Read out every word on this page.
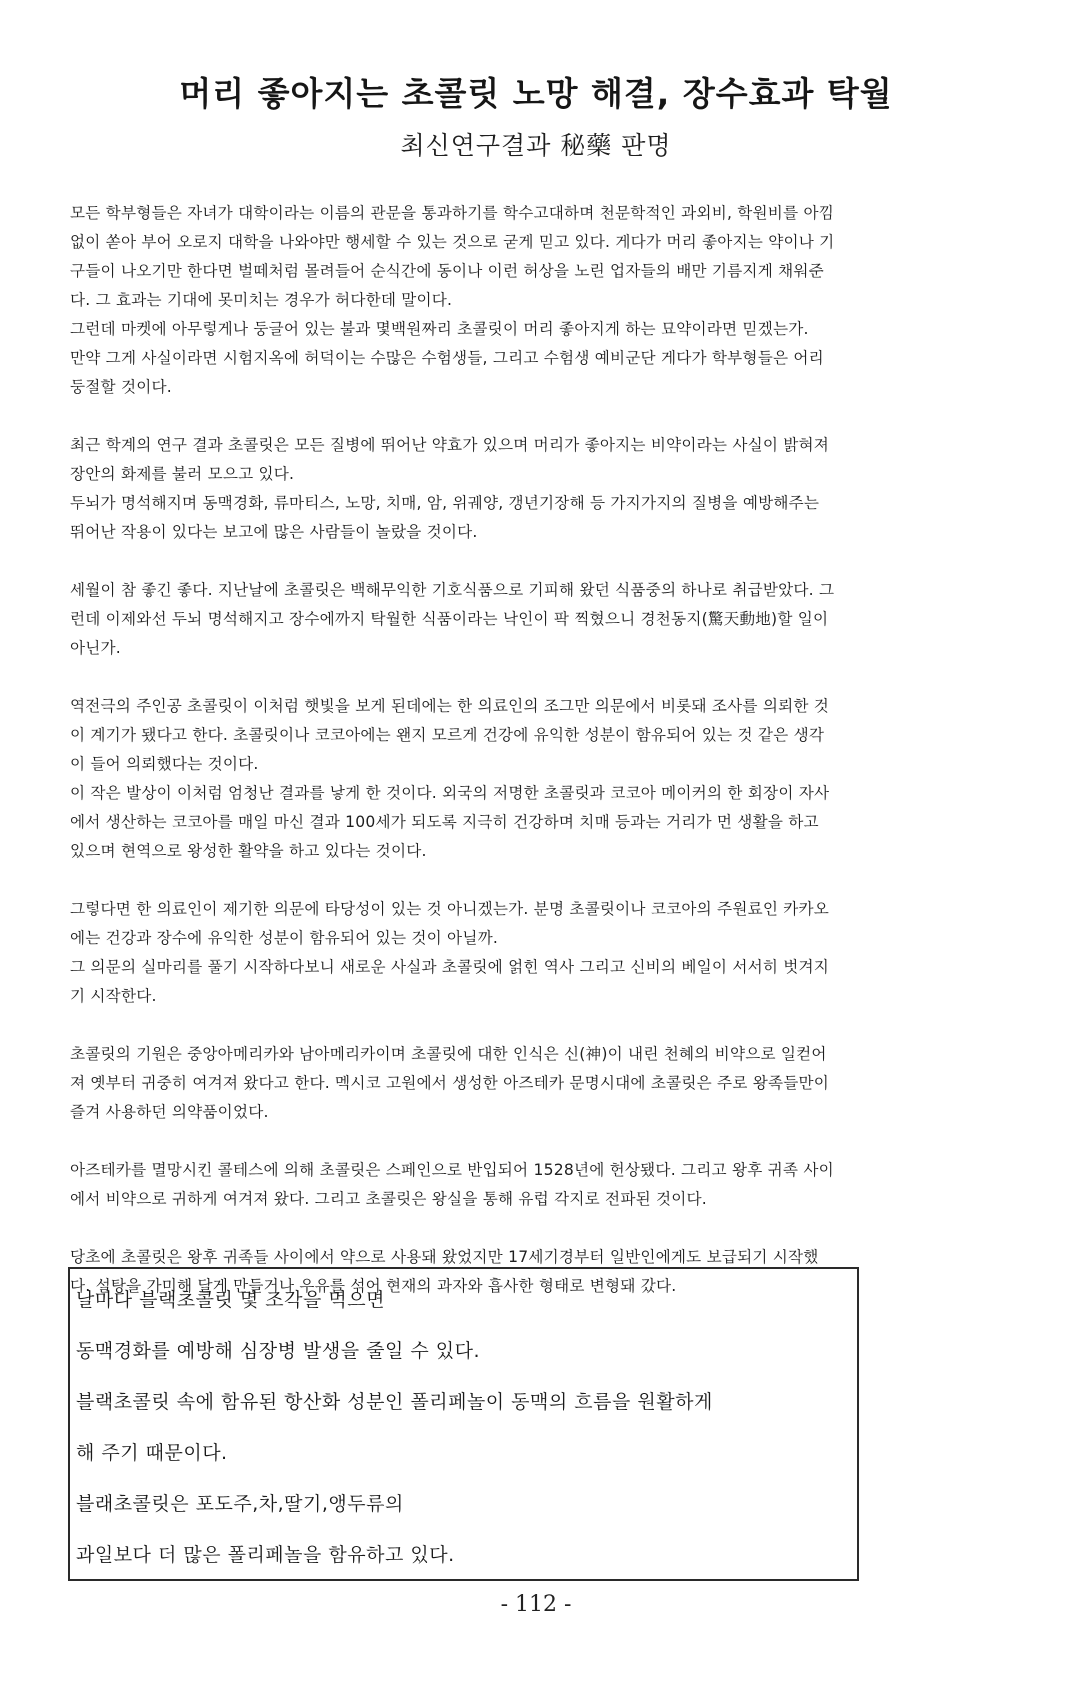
머리 좋아지는 초콜릿 노망 해결, 장수효과 탁월
최신연구결과 秘藥 판명
모든 학부형들은 자녀가 대학이라는 이름의 관문을 통과하기를 학수고대하며 천문학적인 과외비, 학원비를 아낌
없이 쏟아 부어 오로지 대학을 나와야만 행세할 수 있는 것으로 굳게 믿고 있다. 게다가 머리 좋아지는 약이나 기
구들이 나오기만 한다면 벌떼처럼 몰려들어 순식간에 동이나 이런 허상을 노린 업자들의 배만 기름지게 채워준
다. 그 효과는 기대에 못미치는 경우가 허다한데 말이다.
그런데 마켓에 아무렇게나 둥글어 있는 불과 몇백원짜리 초콜릿이 머리 좋아지게 하는 묘약이라면 믿겠는가.
만약 그게 사실이라면 시험지옥에 허덕이는 수많은 수험생들, 그리고 수험생 예비군단 게다가 학부형들은 어리
둥절할 것이다.
최근 학계의 연구 결과 초콜릿은 모든 질병에 뛰어난 약효가 있으며 머리가 좋아지는 비약이라는 사실이 밝혀져
장안의 화제를 불러 모으고 있다.
두뇌가 명석해지며 동맥경화, 류마티스, 노망, 치매, 암, 위궤양, 갱년기장해 등 가지가지의 질병을 예방해주는
뛰어난 작용이 있다는 보고에 많은 사람들이 놀랐을 것이다.
세월이 참 좋긴 좋다. 지난날에 초콜릿은 백해무익한 기호식품으로 기피해 왔던 식품중의 하나로 취급받았다. 그
런데 이제와선 두뇌 명석해지고 장수에까지 탁월한 식품이라는 낙인이 팍 찍혔으니 경천동지(驚天動地)할 일이
아닌가.
역전극의 주인공 초콜릿이 이처럼 햇빛을 보게 된데에는 한 의료인의 조그만 의문에서 비롯돼 조사를 의뢰한 것
이 계기가 됐다고 한다. 초콜릿이나 코코아에는 왠지 모르게 건강에 유익한 성분이 함유되어 있는 것 같은 생각
이 들어 의뢰했다는 것이다.
이 작은 발상이 이처럼 엄청난 결과를 낳게 한 것이다. 외국의 저명한 초콜릿과 코코아 메이커의 한 회장이 자사
에서 생산하는 코코아를 매일 마신 결과 100세가 되도록 지극히 건강하며 치매 등과는 거리가 먼 생활을 하고
있으며 현역으로 왕성한 활약을 하고 있다는 것이다.
그렇다면 한 의료인이 제기한 의문에 타당성이 있는 것 아니겠는가. 분명 초콜릿이나 코코아의 주원료인 카카오
에는 건강과 장수에 유익한 성분이 함유되어 있는 것이 아닐까.
그 의문의 실마리를 풀기 시작하다보니 새로운 사실과 초콜릿에 얽힌 역사 그리고 신비의 베일이 서서히 벗겨지
기 시작한다.
초콜릿의 기원은 중앙아메리카와 남아메리카이며 초콜릿에 대한 인식은 신(神)이 내린 천혜의 비약으로 일컫어
져 옛부터 귀중히 여겨져 왔다고 한다. 멕시코 고원에서 생성한 아즈테카 문명시대에 초콜릿은 주로 왕족들만이
즐겨 사용하던 의약품이었다.
아즈테카를 멸망시킨 콜테스에 의해 초콜릿은 스페인으로 반입되어 1528년에 헌상됐다. 그리고 왕후 귀족 사이
에서 비약으로 귀하게 여겨져 왔다. 그리고 초콜릿은 왕실을 통해 유럽 각지로 전파된 것이다.
당초에 초콜릿은 왕후 귀족들 사이에서 약으로 사용돼 왔었지만 17세기경부터 일반인에게도 보급되기 시작했
다. 설탕을 가미해 달게 만들거나 우유를 섞어 현재의 과자와 흡사한 형태로 변형돼 갔다.
날마다 블랙초콜릿 몇 조각을 먹으면
동맥경화를 예방해 심장병 발생을 줄일 수 있다.
블랙초콜릿 속에 함유된 항산화 성분인 폴리페놀이 동맥의 흐름을 원활하게
해 주기 때문이다.
블래초콜릿은 포도주,차,딸기,앵두류의
과일보다 더 많은 폴리페놀을 함유하고 있다.
- 112 -
